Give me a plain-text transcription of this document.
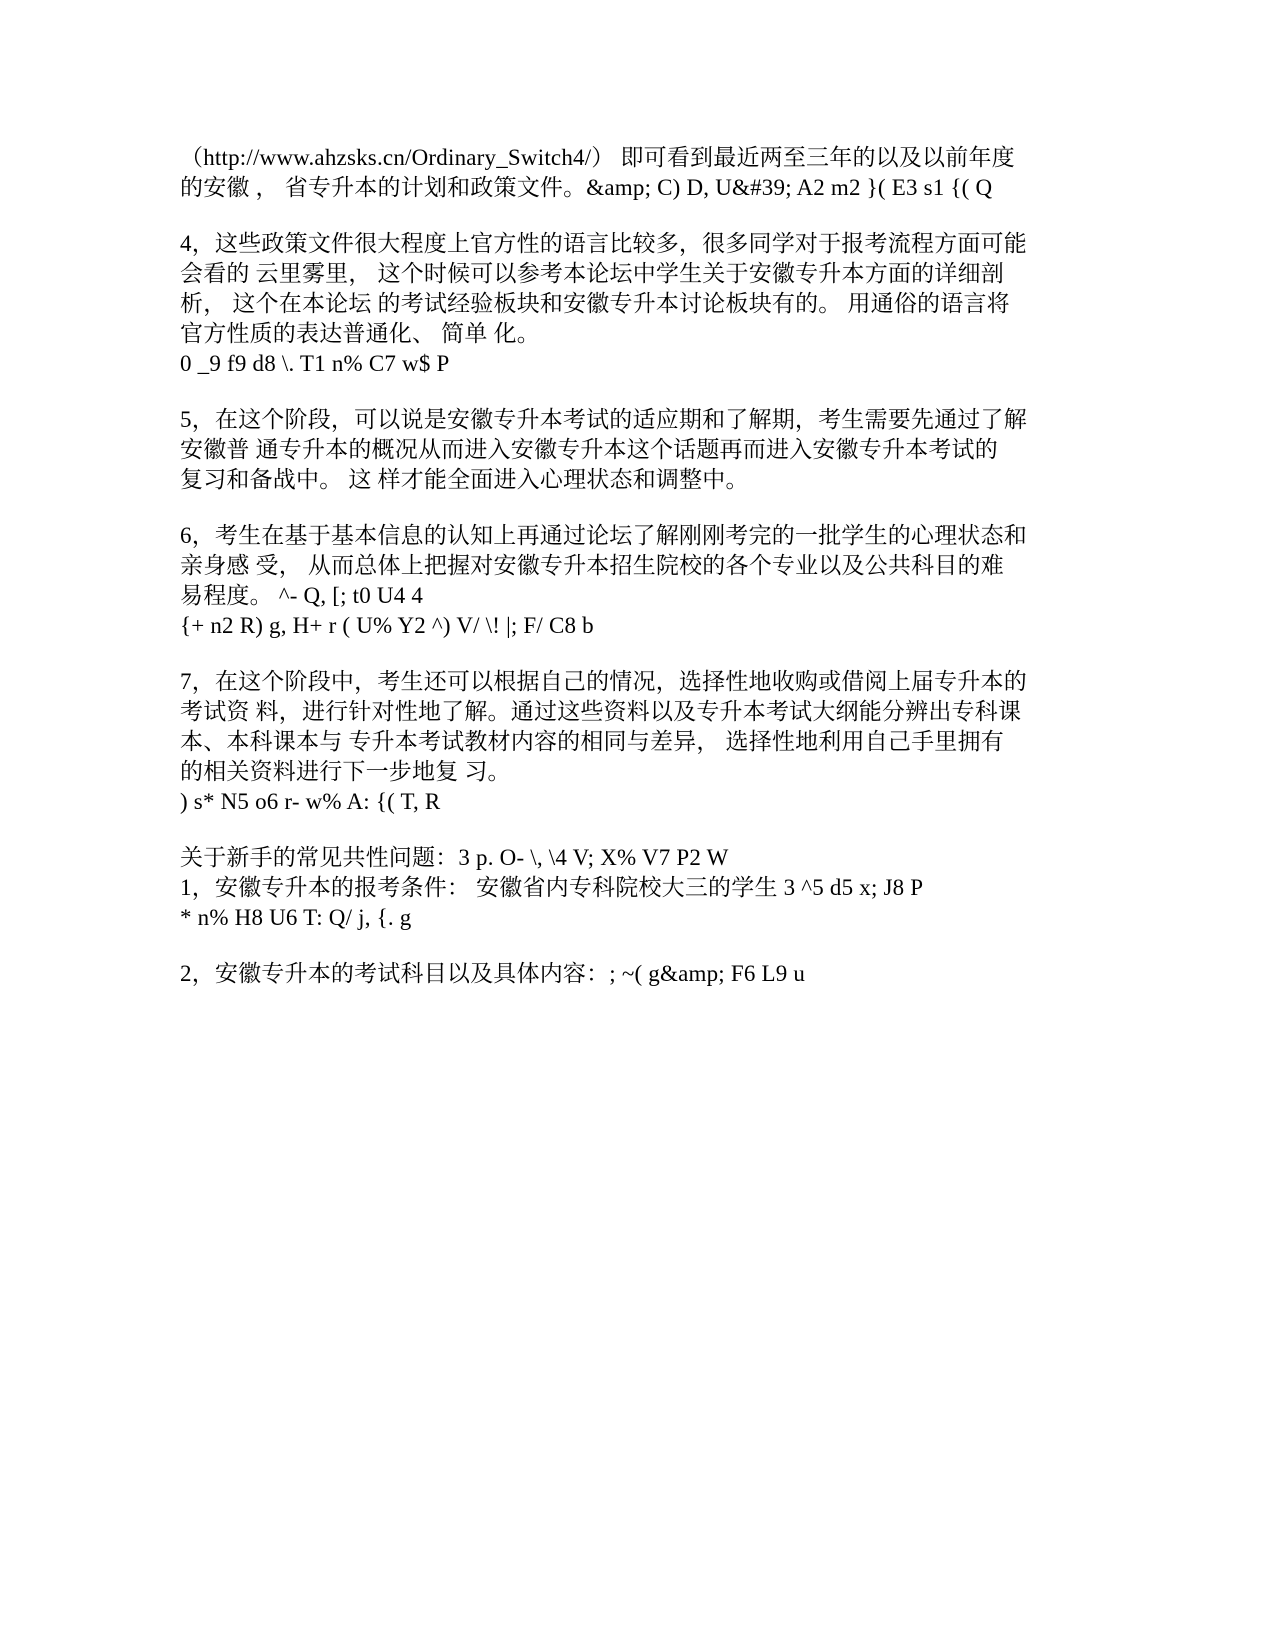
（http://www.ahzsks.cn/Ordinary_Switch4/） 即可看到最近两至三年的以及以前年度
的安徽 ， 省专升本的计划和政策文件。&amp; C) D, U&#39; A2 m2 }( E3 s1 {( Q
4，这些政策文件很大程度上官方性的语言比较多，很多同学对于报考流程方面可能
会看的 云里雾里， 这个时候可以参考本论坛中学生关于安徽专升本方面的详细剖
析， 这个在本论坛 的考试经验板块和安徽专升本讨论板块有的。 用通俗的语言将
官方性质的表达普通化、 简单 化。
0 _9 f9 d8 \. T1 n% C7 w$ P
5，在这个阶段，可以说是安徽专升本考试的适应期和了解期，考生需要先通过了解
安徽普 通专升本的概况从而进入安徽专升本这个话题再而进入安徽专升本考试的
复习和备战中。 这 样才能全面进入心理状态和调整中。
6，考生在基于基本信息的认知上再通过论坛了解刚刚考完的一批学生的心理状态和
亲身感 受， 从而总体上把握对安徽专升本招生院校的各个专业以及公共科目的难
易程度。 ^- Q, [; t0 U4 4
{+ n2 R) g, H+ r ( U% Y2 ^) V/ \! |; F/ C8 b
7，在这个阶段中，考生还可以根据自己的情况，选择性地收购或借阅上届专升本的
考试资 料，进行针对性地了解。通过这些资料以及专升本考试大纲能分辨出专科课
本、本科课本与 专升本考试教材内容的相同与差异， 选择性地利用自己手里拥有
的相关资料进行下一步地复 习。
) s* N5 o6 r- w% A: {( T, R
关于新手的常见共性问题：3 p. O- \, \4 V; X% V7 P2 W
1，安徽专升本的报考条件： 安徽省内专科院校大三的学生 3 ^5 d5 x; J8 P
* n% H8 U6 T: Q/ j, {. g
2，安徽专升本的考试科目以及具体内容：; ~( g&amp; F6 L9 u
